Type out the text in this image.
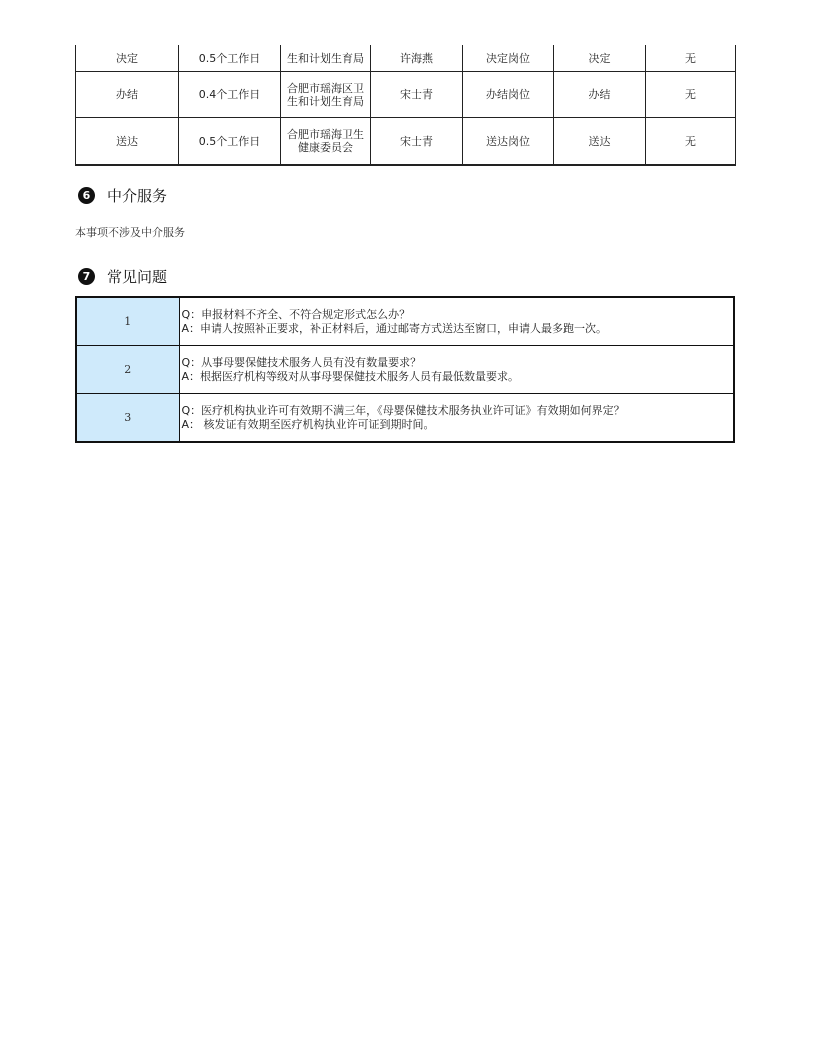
决定	0.5个工作日	生和计划生育局	许海燕	决定岗位	决定	无
办结	0.4个工作日	合肥市瑶海区卫生和计划生育局	宋士青	办结岗位	办结	无
送达	0.5个工作日	合肥市瑶海卫生健康委员会	宋士青	送达岗位	送达	无
6	中介服务
本事项不涉及中介服务
7	常见问题
1	Q：申报材料不齐全、不符合规定形式怎么办？
A：申请人按照补正要求，补正材料后，通过邮寄方式送达至窗口，申请人最多跑一次。

2	Q：从事母婴保健技术服务人员有没有数量要求？
A：根据医疗机构等级对从事母婴保健技术服务人员有最低数量要求。

3	Q：医疗机构执业许可有效期不满三年，《母婴保健技术服务执业许可证》有效期如何界定？
A： 核发证有效期至医疗机构执业许可证到期时间。
